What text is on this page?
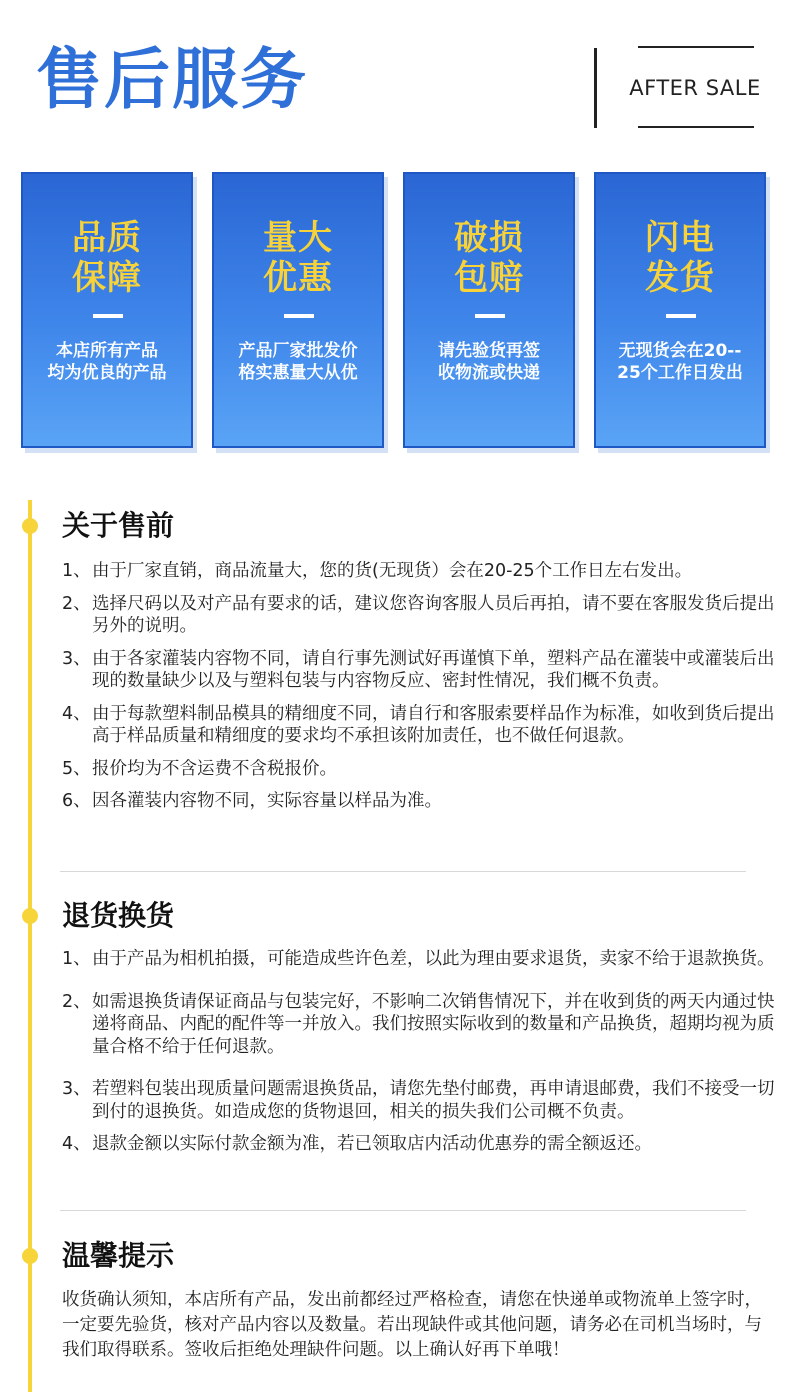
售后服务	AFTER SALE
品质
保障
本店所有产品
均为优良的产品
量大
优惠
产品厂家批发价
格实惠量大从优
破损
包赔
请先验货再签
收物流或快递
闪电
发货
无现货会在20--
25个工作日发出
关于售前
1、 由于厂家直销，商品流量大，您的货(无现货）会在20-25个工作日左右发出。
2、 选择尺码以及对产品有要求的话，建议您咨询客服人员后再拍，请不要在客服发货后提出另外的说明。
3、 由于各家灌装内容物不同，请自行事先测试好再谨慎下单，塑料产品在灌装中或灌装后出现的数量缺少以及与塑料包装与内容物反应、密封性情况，我们概不负责。
4、 由于每款塑料制品模具的精细度不同，请自行和客服索要样品作为标准，如收到货后提出高于样品质量和精细度的要求均不承担该附加责任，也不做任何退款。
5、 报价均为不含运费不含税报价。
6、 因各灌装内容物不同，实际容量以样品为准。
退货换货
1、 由于产品为相机拍摄，可能造成些许色差，以此为理由要求退货，卖家不给于退款换货。
2、 如需退换货请保证商品与包装完好，不影响二次销售情况下，并在收到货的两天内通过快递将商品、内配的配件等一并放入。我们按照实际收到的数量和产品换货，超期均视为质量合格不给于任何退款。
3、 若塑料包装出现质量问题需退换货品，请您先垫付邮费，再申请退邮费，我们不接受一切到付的退换货。如造成您的货物退回，相关的损失我们公司概不负责。
4、 退款金额以实际付款金额为准，若已领取店内活动优惠券的需全额返还。
温馨提示

收货确认须知，本店所有产品，发出前都经过严格检查，请您在快递单或物流单上签字时，一定要先验货，核对产品内容以及数量。若出现缺件或其他问题，请务必在司机当场时，与我们取得联系。签收后拒绝处理缺件问题。以上确认好再下单哦！
